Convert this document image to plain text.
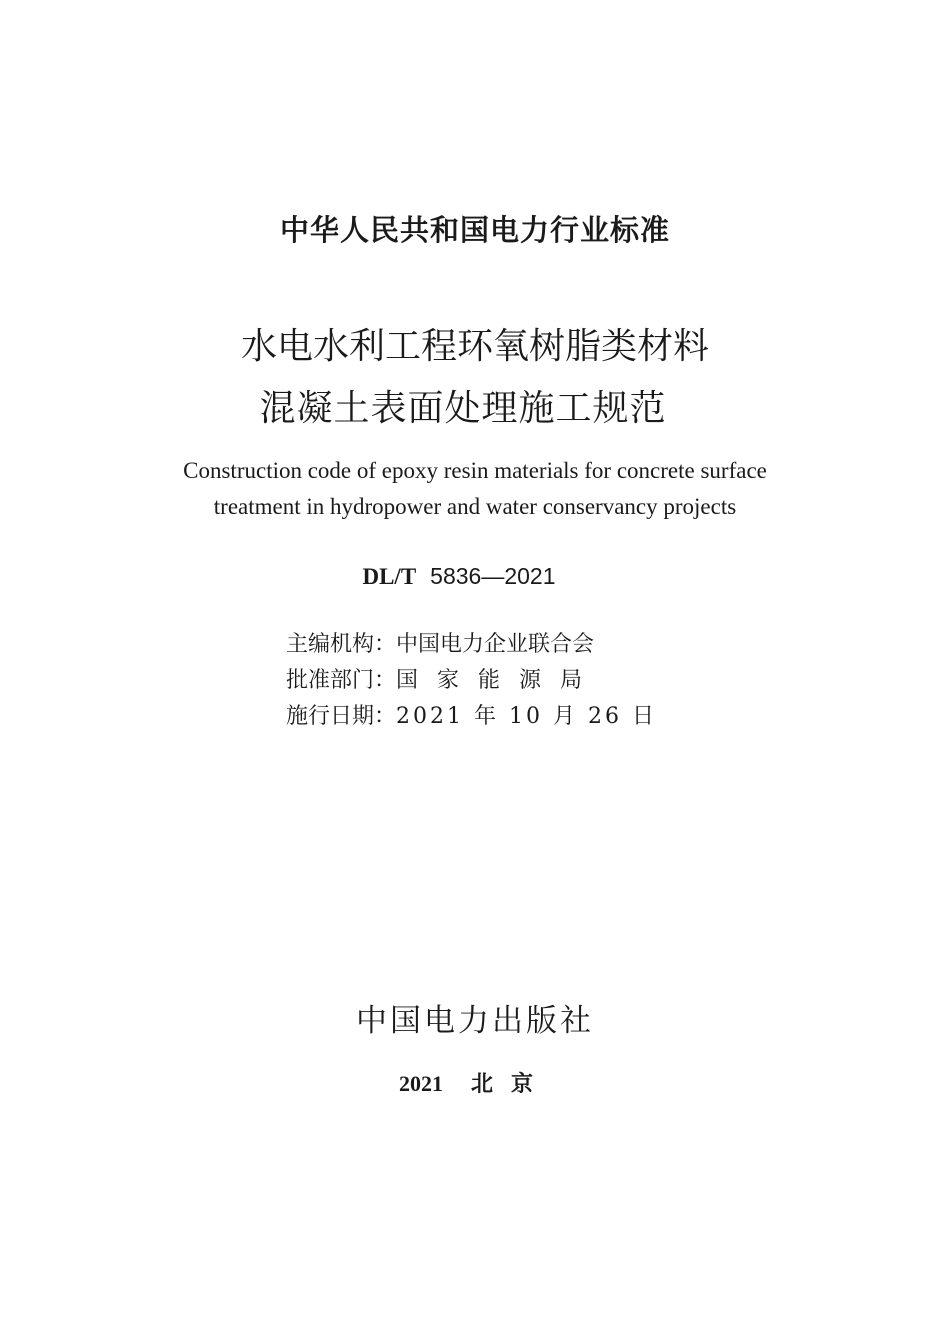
中华人民共和国电力行业标准
水电水利工程环氧树脂类材料
混凝土表面处理施工规范
Construction code of epoxy resin materials for concrete surface
treatment in hydropower and water conservancy projects
DL/T 5836—2021
主编机构：中国电力企业联合会
批准部门：国家能源局
施行日期：2021 年 10 月 26 日
中国电力出版社
2021 北京
